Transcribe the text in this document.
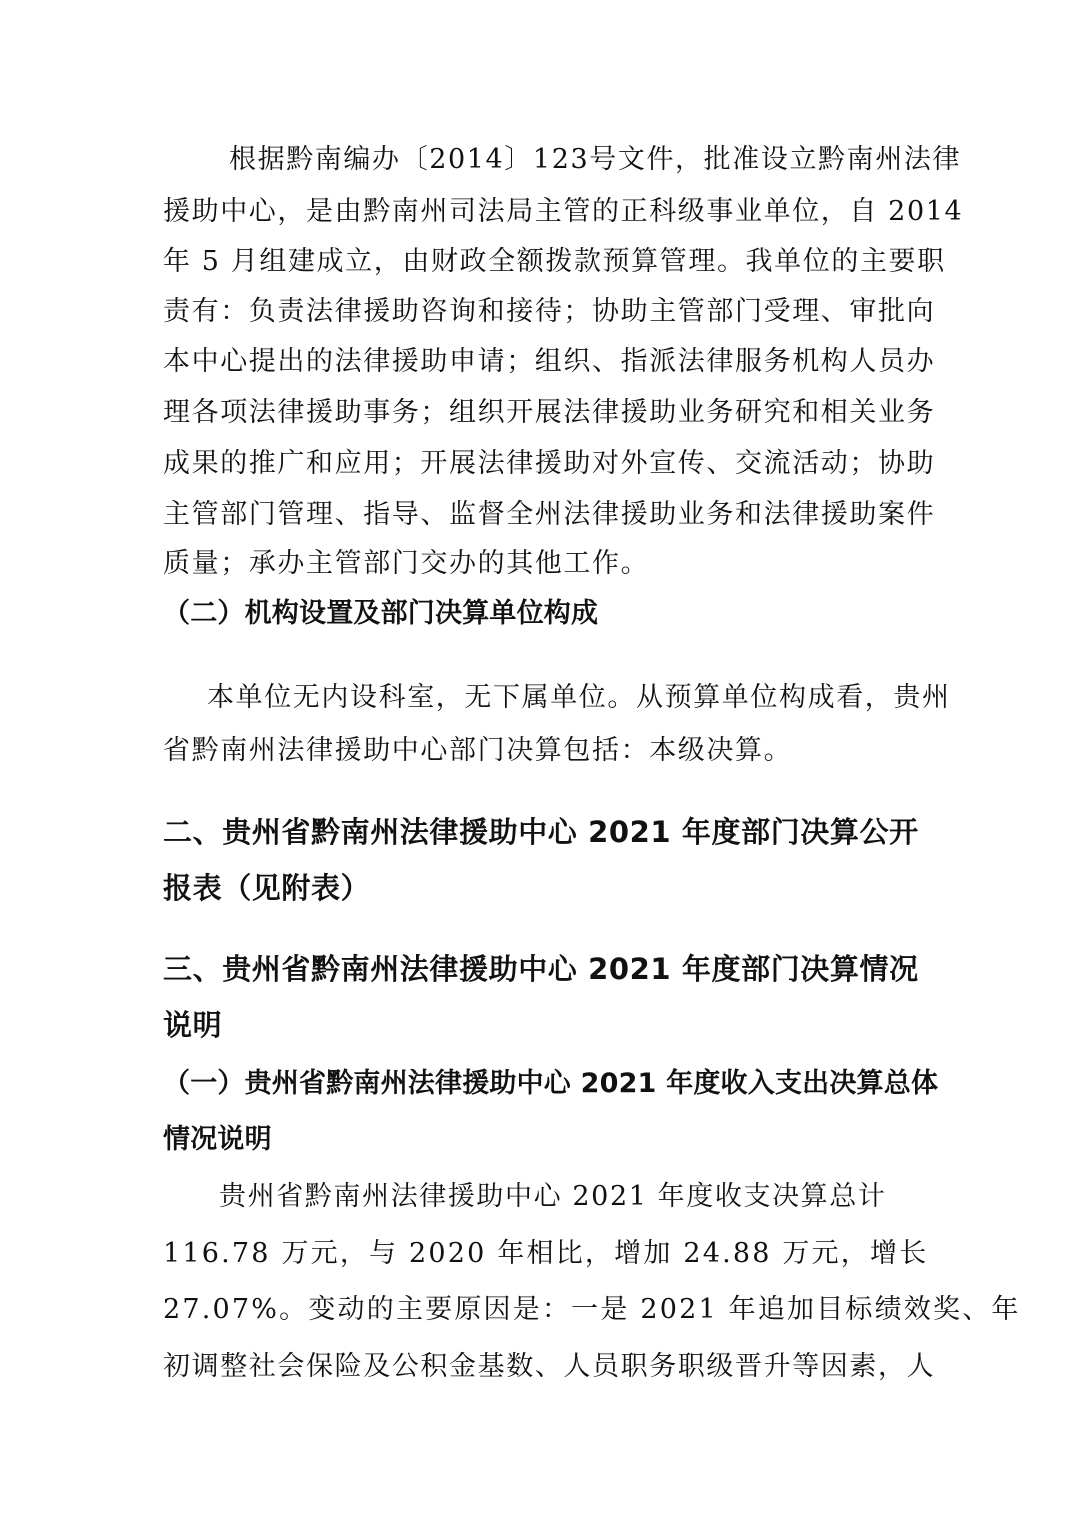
根据黔南编办〔2014〕123号文件，批准设立黔南州法律
援助中心，是由黔南州司法局主管的正科级事业单位，自 2014
年 5 月组建成立，由财政全额拨款预算管理。我单位的主要职
责有：负责法律援助咨询和接待；协助主管部门受理、审批向
本中心提出的法律援助申请；组织、指派法律服务机构人员办
理各项法律援助事务；组织开展法律援助业务研究和相关业务
成果的推广和应用；开展法律援助对外宣传、交流活动；协助
主管部门管理、指导、监督全州法律援助业务和法律援助案件
质量；承办主管部门交办的其他工作。
（二）机构设置及部门决算单位构成
本单位无内设科室，无下属单位。从预算单位构成看，贵州
省黔南州法律援助中心部门决算包括：本级决算。
二、贵州省黔南州法律援助中心 2021 年度部门决算公开
报表（见附表）
三、贵州省黔南州法律援助中心 2021 年度部门决算情况
说明
（一）贵州省黔南州法律援助中心 2021 年度收入支出决算总体
情况说明
贵州省黔南州法律援助中心 2021 年度收支决算总计
116.78 万元，与 2020 年相比，增加 24.88 万元，增长
27.07%。变动的主要原因是：一是 2021 年追加目标绩效奖、年
初调整社会保险及公积金基数、人员职务职级晋升等因素，人
